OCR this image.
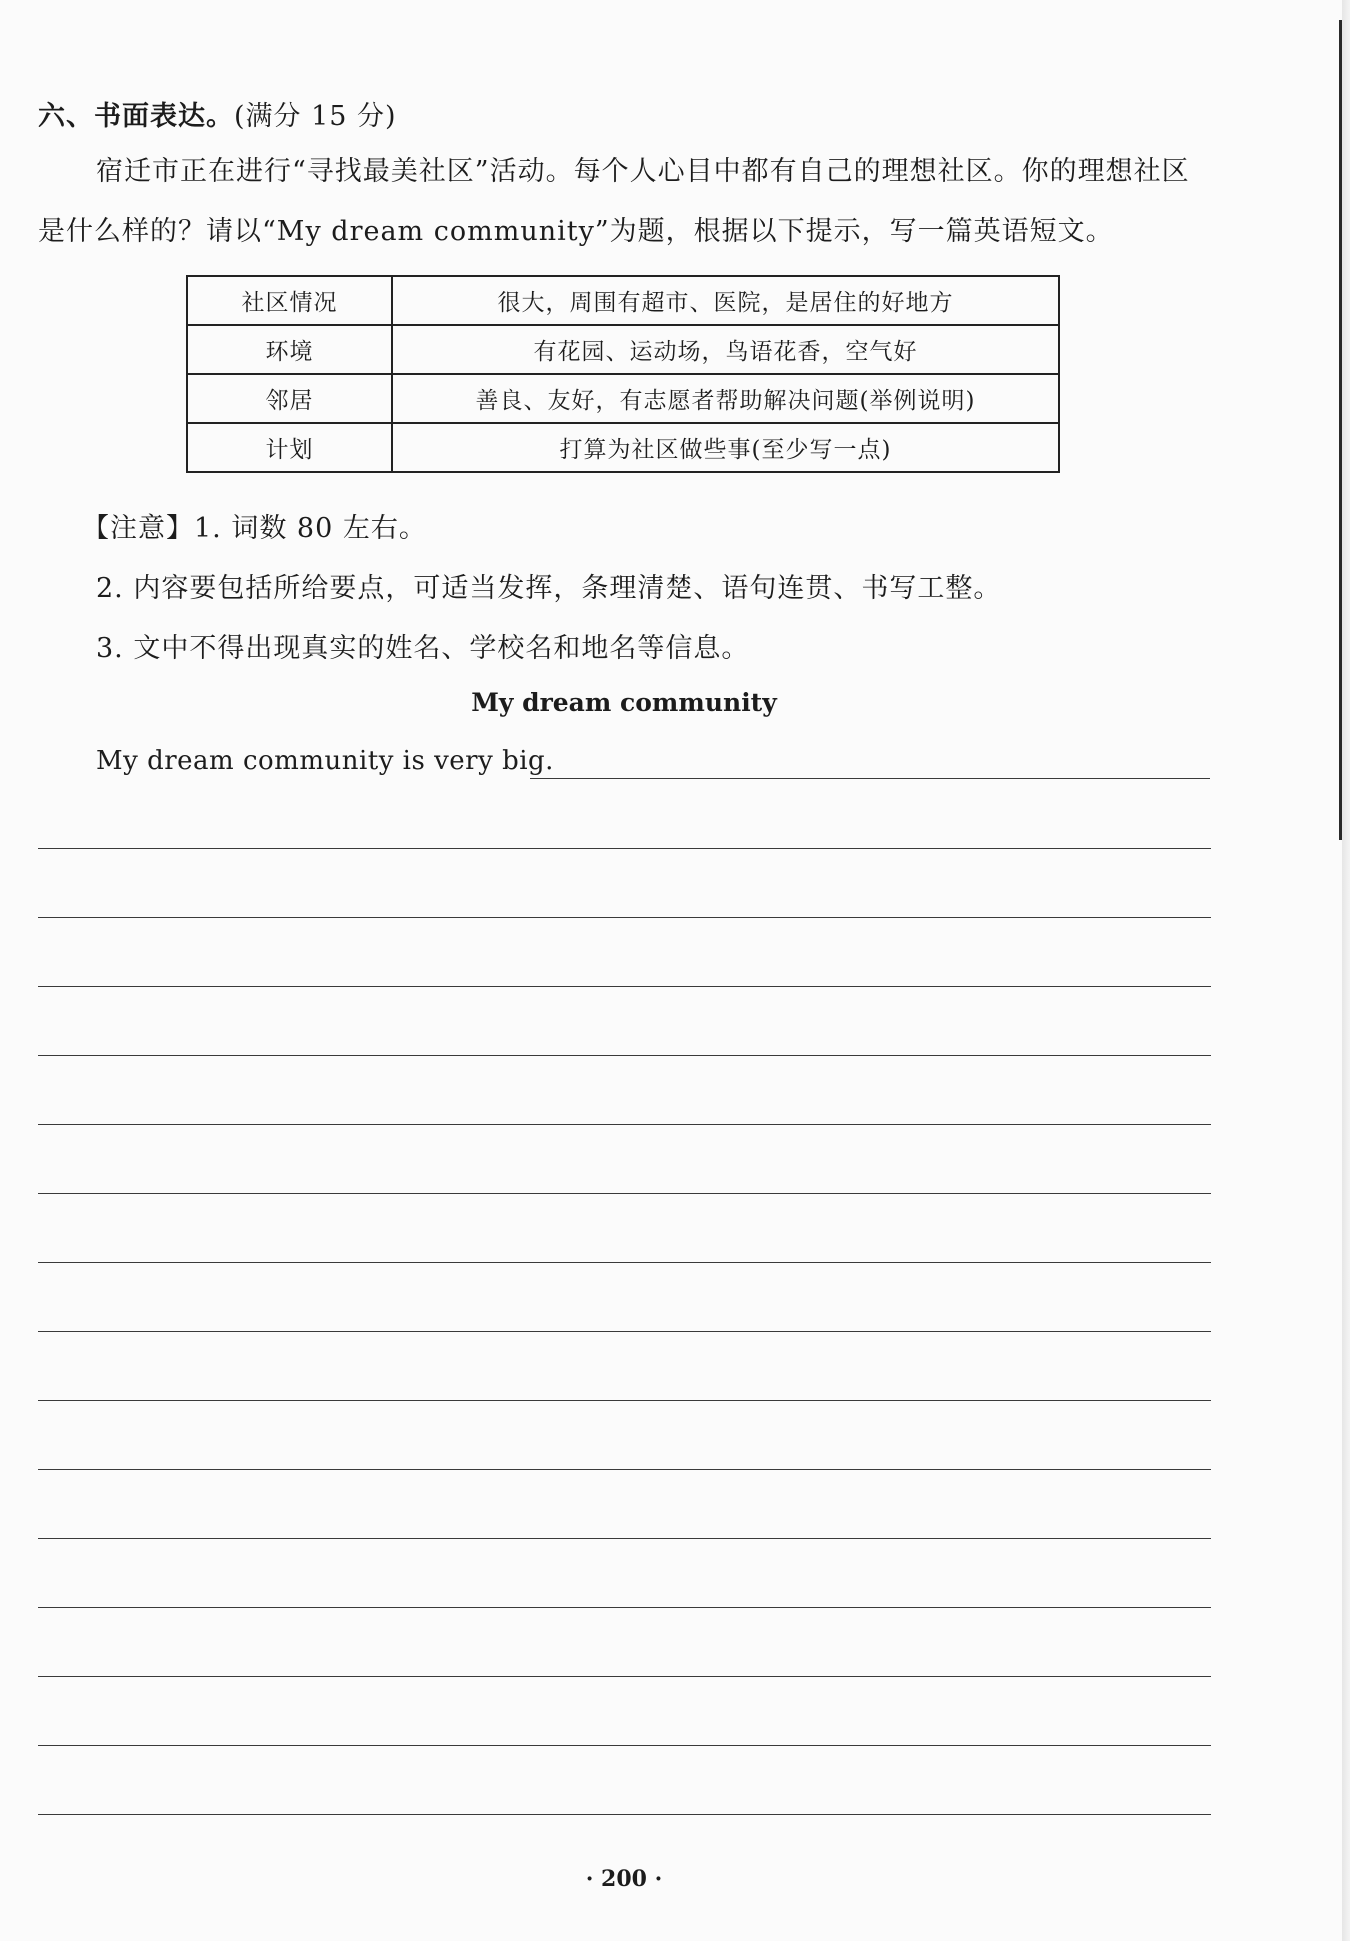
六、书面表达。(满分 15 分)
宿迁市正在进行“寻找最美社区”活动。每个人心目中都有自己的理想社区。你的理想社区是什么样的？请以“My dream community”为题，根据以下提示，写一篇英语短文。
社区情况	很大，周围有超市、医院，是居住的好地方
环境	有花园、运动场，鸟语花香，空气好
邻居	善良、友好，有志愿者帮助解决问题(举例说明)
计划	打算为社区做些事(至少写一点)
【注意】1. 词数 80 左右。
2. 内容要包括所给要点，可适当发挥，条理清楚、语句连贯、书写工整。
3. 文中不得出现真实的姓名、学校名和地名等信息。
My dream community
My dream community is very big.
· 200 ·
